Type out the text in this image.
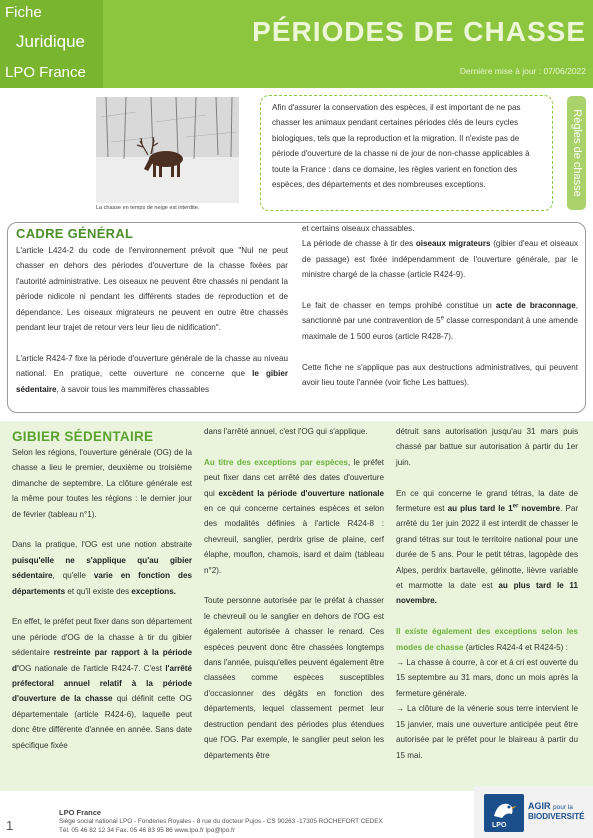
Fiche
Juridique
LPO France
PÉRIODES DE CHASSE
Dernière mise à jour : 07/06/2022
La chasse en temps de neige est interdite.
Afin d'assurer la conservation des espèces, il est important de ne pas chasser les animaux pendant certaines périodes clés de leurs cycles biologiques, tels que la reproduction et la migration. Il n'existe pas de période d'ouverture de la chasse ni de jour de non-chasse applicables à toute la France : dans ce domaine, les règles varient en fonction des espèces, des départements et des nombreuses exceptions.	Règles de chasse
CADRE GÉNÉRAL

L'article L424-2 du code de l'environnement prévoit que "Nul ne peut chasser en dehors des périodes d'ouverture de la chasse fixées par l'autorité administrative. Les oiseaux ne peuvent être chassés ni pendant la période nidicole ni pendant les différents stades de reproduction et de dépendance. Les oiseaux migrateurs ne peuvent en outre être chassés pendant leur trajet de retour vers leur lieu de nidification".

L'article R424-7 fixe la période d'ouverture générale de la chasse au niveau national. En pratique, cette ouverture ne concerne que le gibier sédentaire, à savoir tous les mammifères chassables

et certains oiseaux chassables.
La période de chasse à tir des oiseaux migrateurs (gibier d'eau et oiseaux de passage) est fixée indépendamment de l'ouverture générale, par le ministre chargé de la chasse (article R424-9).

Le fait de chasser en temps prohibé constitue un acte de braconnage, sanctionné par une contravention de 5e classe correspondant à une amende maximale de 1 500 euros (article R428-7).

Cette fiche ne s'applique pas aux destructions administratives, qui peuvent avoir lieu toute l'année (voir fiche Les battues).

GIBIER SÉDENTAIRE

Selon les régions, l'ouverture générale (OG) de la chasse a lieu le premier, deuxième ou troisième dimanche de septembre. La clôture générale est la même pour toutes les régions : le dernier jour de février (tableau n°1).

Dans la pratique, l'OG est une notion abstraite puisqu'elle ne s'applique qu'au gibier sédentaire, qu'elle varie en fonction des départements et qu'il existe des exceptions.

En effet, le préfet peut fixer dans son département une période d'OG de la chasse à tir du gibier sédentaire restreinte par rapport à la période d'OG nationale de l'article R424-7. C'est l'arrêté préfectoral annuel relatif à la période d'ouverture de la chasse qui définit cette OG départementale (article R424-6), laquelle peut donc être différente d'année en année. Sans date spécifique fixée

dans l'arrêté annuel, c'est l'OG qui s'applique.

Au titre des exceptions par espèces, le préfet peut fixer dans cet arrêté des dates d'ouverture qui excèdent la période d'ouverture nationale en ce qui concerne certaines espèces et selon des modalités définies à l'article R424-8 : chevreuil, sanglier, perdrix grise de plaine, cerf élaphe, mouflon, chamois, isard et daim (tableau n°2).

Toute personne autorisée par le préfat à chasser le chevreuil ou le sanglier en dehors de l'OG est également autorisée à chasser le renard. Ces espèces peuvent donc être chassées longtemps dans l'année, puisqu'elles peuvent également être classées comme espèces susceptibles d'occasionner des dégâts en fonction des départements, lequel classement permet leur destruction pendant des périodes plus étendues que l'OG. Par exemple, le sanglier peut selon les départements être

détruit sans autorisation jusqu'au 31 mars puis chassé par battue sur autorisation à partir du 1er juin.

En ce qui concerne le grand tétras, la date de fermeture est au plus tard le 1er novembre. Par arrêté du 1er juin 2022 il est interdit de chasser le grand tétras sur tout le territoire national pour une durée de 5 ans. Pour le petit tétras, lagopède des Alpes, perdrix bartavelle, gélinotte, lièvre variable et marmotte la date est au plus tard le 11 novembre.

Il existe également des exceptions selon les modes de chasse (articles R424-4 et R424-5) :
→ La chasse à courre, à cor et à cri est ouverte du 15 septembre au 31 mars, donc un mois après la fermeture générale.
→ La clôture de la vénerie sous terre intervient le 15 janvier, mais une ouverture anticipée peut être autorisée par le préfet pour le blaireau à partir du 15 mai.

1
LPO France
Siège social national LPO - Fonderies Royales - 8 rue du docteur Pujos - CS 90263 -17305 ROCHEFORT CEDEX
Tél. 05 46 82 12 34 Fax. 05 46 83 95 86 www.lpo.fr lpo@lpo.fr
LPO
AGIR pour la
BIODIVERSITÉ
